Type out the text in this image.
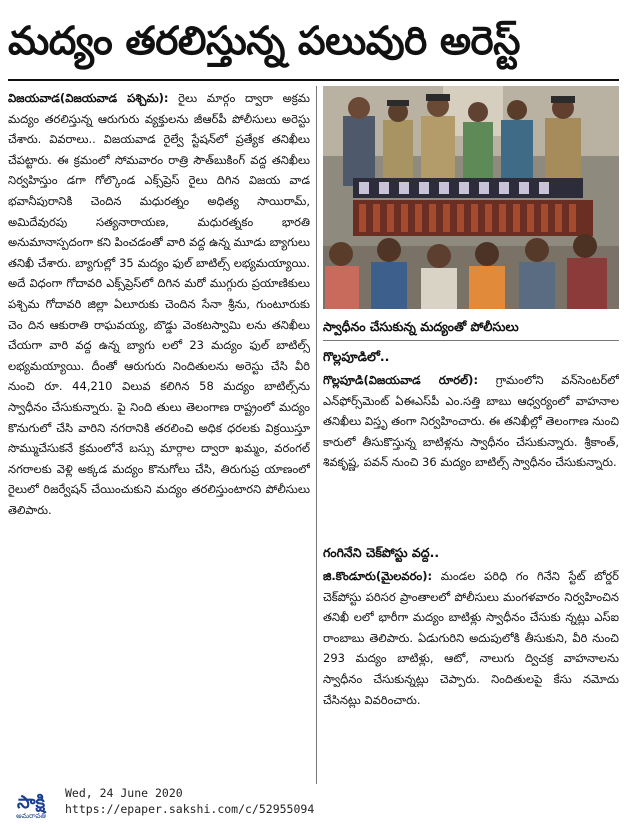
మద్యం తరలిస్తున్న పలువురి అరెస్ట్

విజయవాడ(విజయవాడ పశ్చిమ): రైలు మార్గం ద్వారా అక్రమ మద్యం తరలిస్తున్న ఆరుగురు వ్యక్తులను జీఆర్‌పీ పోలీసులు అరెస్టు చేశారు. వివరాలు.. విజయవాడ రైల్వే స్టేషన్‌లో ప్రత్యేక తనిఖీలు చేపట్టారు. ఈ క్రమంలో సోమవారం రాత్రి సౌత్‌బుకింగ్ వద్ద తనిఖీలు నిర్వహిస్తుం డగా గోల్కొండ ఎక్స్‌ప్రెస్ రైలు దిగిన విజయ వాడ భవానీపురానికి చెందిన మధురత్నం అధిత్య సాయిరామ్, అమిదేవురపు సత్యనారాయణ, మధురత్నకం భారతి అనుమానాస్పదంగా కని పించడంతో వారి వద్ద ఉన్న మూడు బ్యాగులు తనిఖీ చేశారు. బ్యాగుల్లో 35 మద్యం ఫుల్ బాటిల్స్ లభ్యమయ్యాయి. అదే విధంగా గోదావరి ఎక్స్‌ప్రెస్‌లో దిగిన మరో ముగ్గురు ప్రయాణికులు పశ్చిమ గోదావరి జిల్లా ఏలూరుకు చెందిన సేనా శ్రీను, గుంటూరుకు చెం దిన ఆకురాతి రాఘవయ్య, బొడ్డు వెంకటస్వామి లను తనిఖీలు చేయగా వారి వద్ద ఉన్న బ్యాగు లలో 23 మద్యం ఫుల్ బాటిల్స్ లభ్యమయ్యాయి. దీంతో ఆరుగురు నిందితులను అరెస్టు చేసి వీరి నుంచి రూ. 44,210 విలువ కలిగిన 58 మద్యం బాటిల్స్‌ను స్వాధీనం చేసుకున్నారు. పై నింది తులు తెలంగాణ రాష్ట్రంలో మద్యం కొనుగులో చేసి వారిని నగరానికి తరలించి అధిక ధరలకు విక్రయిస్తూ సొమ్ముచేసుకనే క్రమంలోనే బస్సు మార్గాల ద్వారా ఖమ్మం, వరంగల్ నగరాలకు వెళ్లి అక్కడ మద్యం కొనుగోలు చేసి, తిరుగుప్ర యాణంలో రైలులో రిజర్వేషన్ చేయించుకుని మద్యం తరలిస్తుంటారని పోలీసులు తెలిపారు.

స్వాధీనం చేసుకున్న మద్యంతో పోలీసులు
గొల్లపూడిలో..

గొల్లపూడి(విజయవాడ రూరల్): గ్రామంలోని వన్‌సెంటర్‌లో ఎన్‌ఫోర్స్‌మెంట్ ఏఈఎస్‌పీ ఎం.సత్తి బాబు ఆధ్వర్యంలో వాహనాల తనిఖీలు విస్తృ తంగా నిర్వహించారు. ఈ తనిఖీల్లో తెలంగాణ నుంచి కారులో తీసుకొస్తున్న బాటిళ్లను స్వాధీనం చేసుకున్నారు. శ్రీకాంత్, శివకృష్ణ, పవన్ నుంచి 36 మద్యం బాటిల్స్ స్వాధీనం చేసుకున్నారు.

గంగినేని చెక్‌పోస్టు వద్ద..

జి.కొండూరు(మైలవరం): మండల పరిధి గం గినేని స్టేట్ బోర్డర్ చెక్‌పోస్టు పరిసర ప్రాంతాలలో పోలీసులు మంగళవారం నిర్వహించిన తనిఖీ లలో భారీగా మద్యం బాటిళ్లు స్వాధీనం చేసుకు న్నట్లు ఎస్ఐ రాంబాబు తెలిపారు. ఏడుగురిని అదుపులోకి తీసుకుని, వీరి నుంచి 293 మద్యం బాటిళ్లు, ఆటో, నాలుగు ద్విచక్ర వాహనాలను స్వాధీనం చేసుకున్నట్లు చెప్పారు. నిందితులపై కేసు నమోదు చేసినట్లు వివరించారు.

సాక్షి
అమరావతి
Wed, 24 June 2020
https://epaper.sakshi.com/c/52955094
